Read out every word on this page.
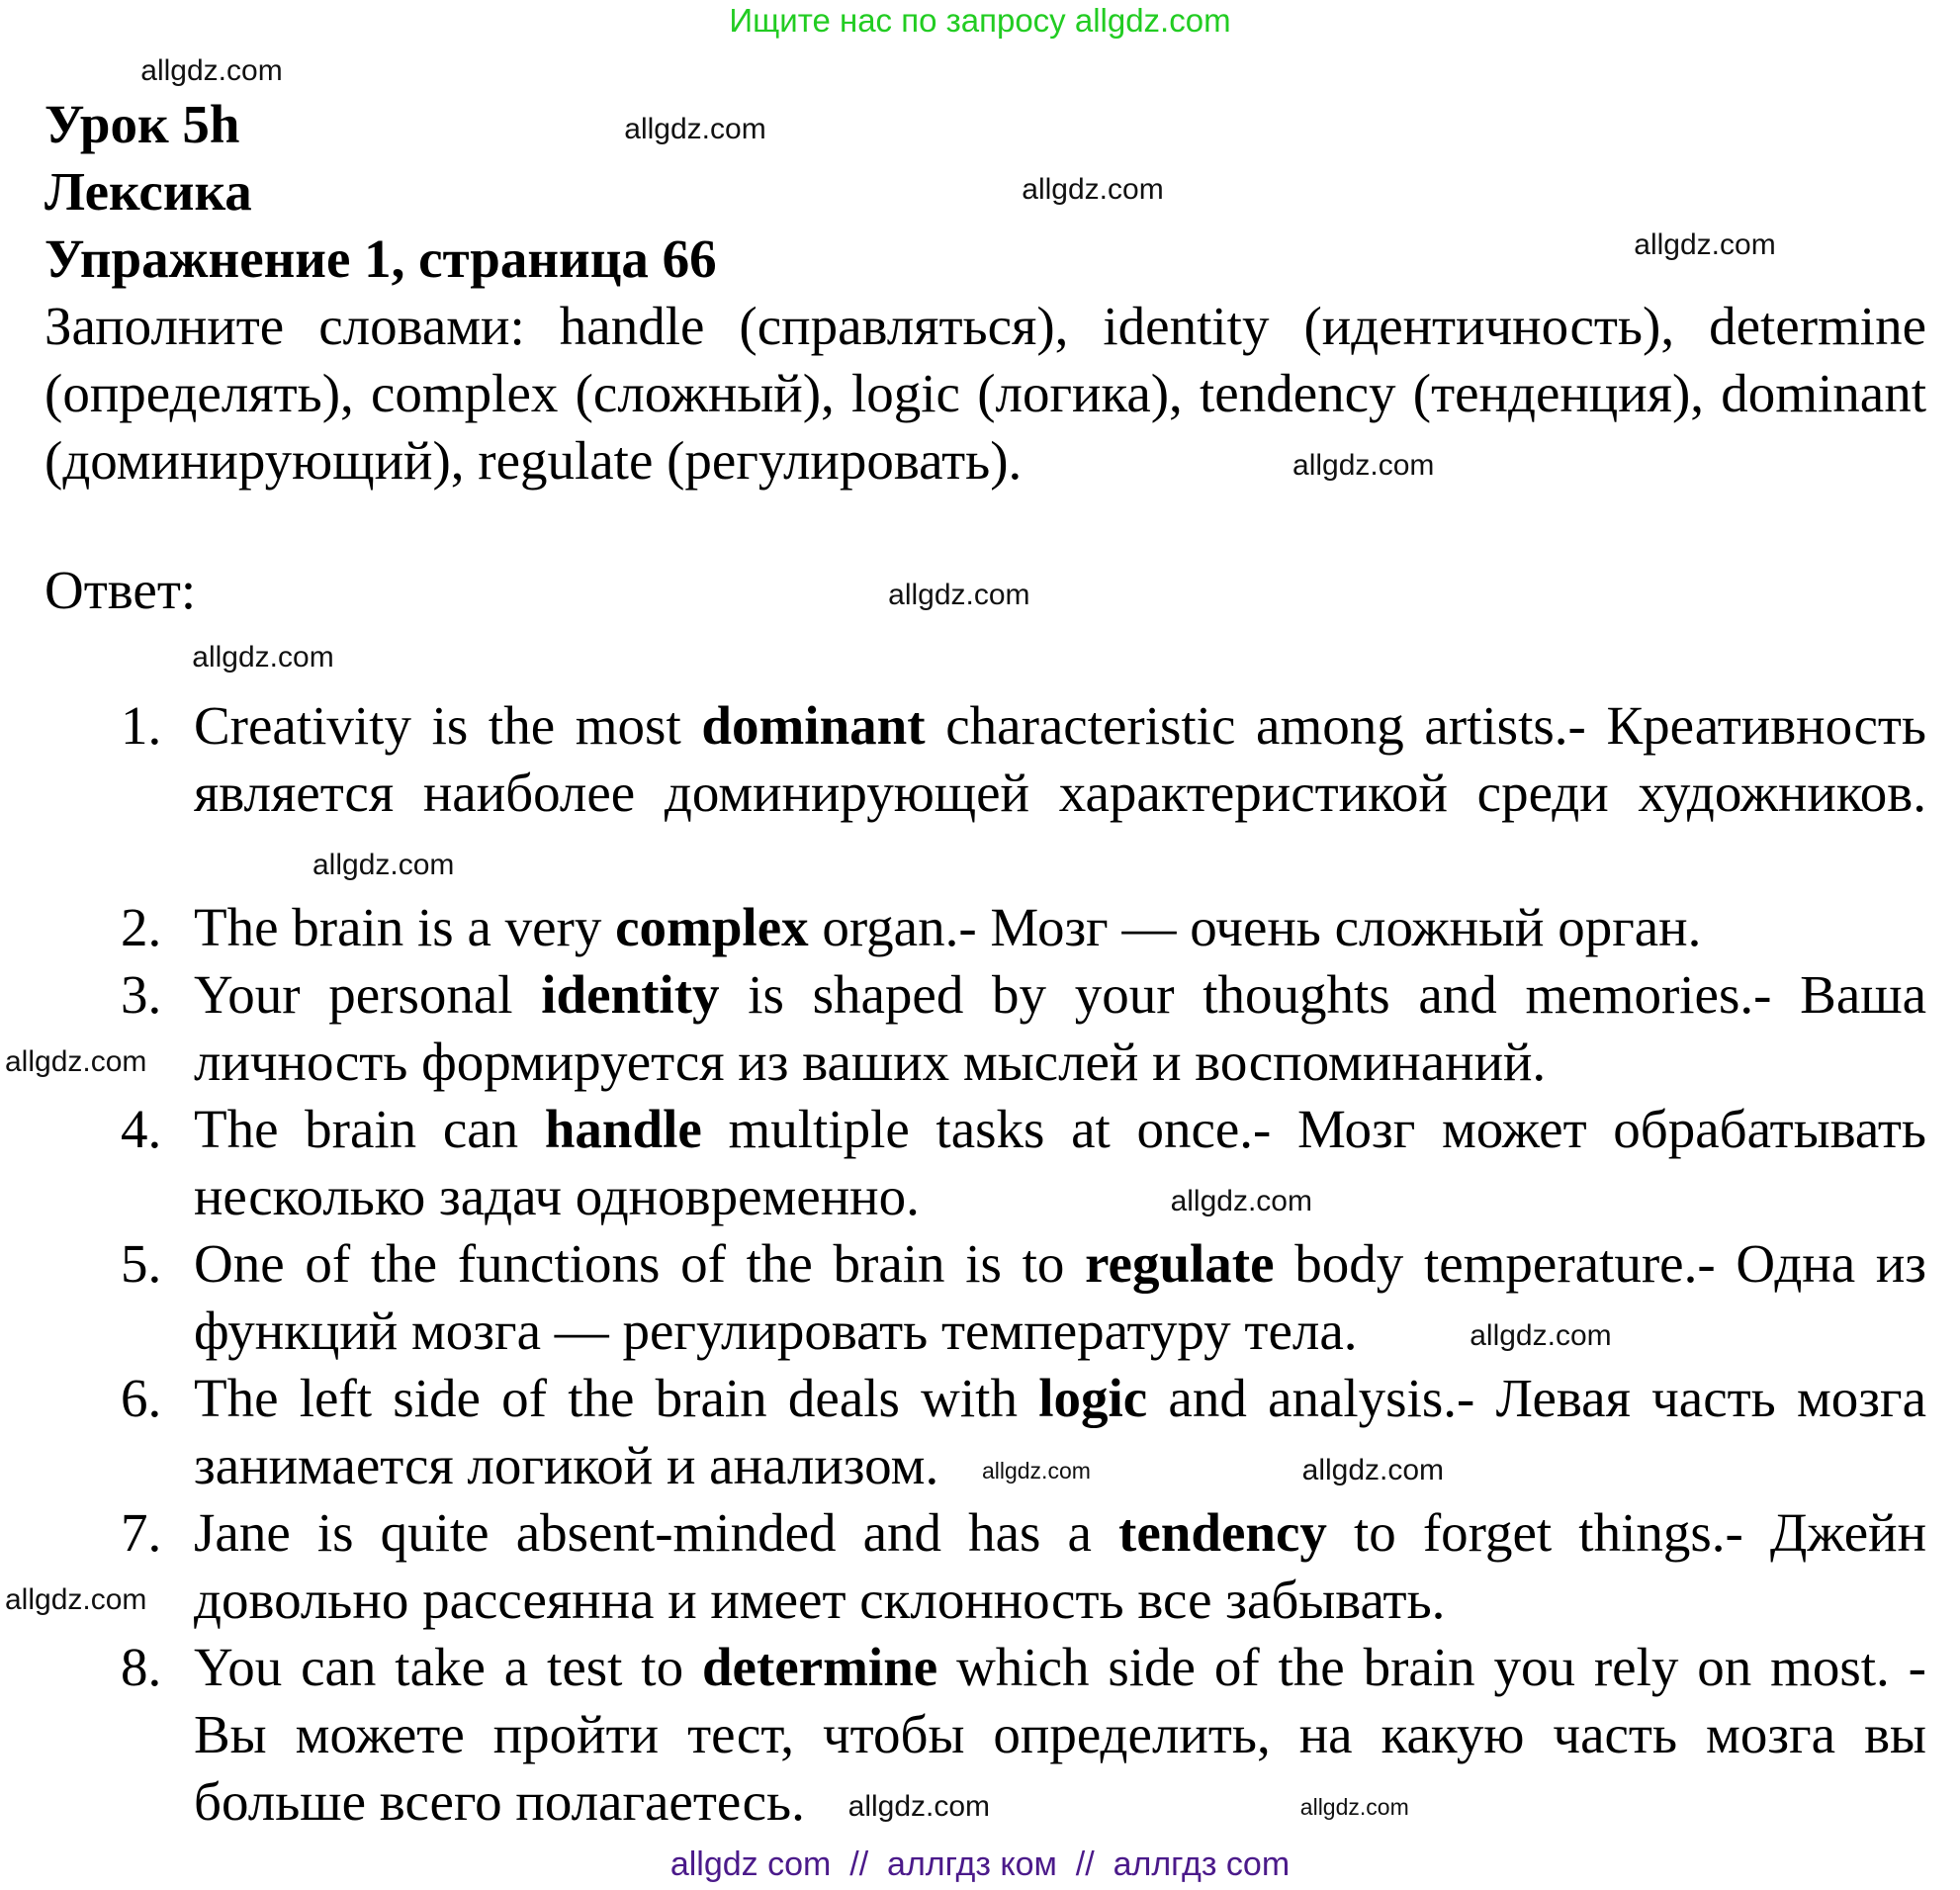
Ищите нас по запросу allgdz.com
allgdz.com
allgdz.com
allgdz.com
allgdz.com
allgdz.com

Урок 5h

Лексика

Упражнение 1, страница 66

Заполните словами: handle (справляться), identity (идентичность), determine (определять), complex (сложный), logic (логика), tendency (тенденция), dominant (доминирующий), regulate (регулировать).	allgdz.com

Ответ:	allgdz.com

1. Creativity is the most dominant characteristic among artists.- Креативность является наиболее доминирующей характеристикой среди художников. allgdz.com
2. The brain is a very complex organ.- Мозг — очень сложный орган.
3.
allgdz.com
Your personal identity is shaped by your thoughts and memories.- Ваша личность формируется из ваших мыслей и воспоминаний.
4. The brain can handle multiple tasks at once.- Мозг может обрабатывать несколько задач одновременно.	allgdz.com
5. One of the functions of the brain is to regulate body temperature.- Одна из функций мозга — регулировать температуру тела.	allgdz.com
6. The left side of the brain deals with logic and analysis.- Левая часть мозга занимается логикой и анализом. allgdz.com	allgdz.com
7.
allgdz.com
Jane is quite absent-minded and has a tendency to forget things.- Джейн довольно рассеянна и имеет склонность все забывать.
8. You can take a test to determine which side of the brain you rely on most. - Вы можете пройти тест, чтобы определить, на какую часть мозга вы больше всего полагаетесь. allgdz.com	allgdz.com
allgdz com  //  аллгдз ком  //  аллгдз com
